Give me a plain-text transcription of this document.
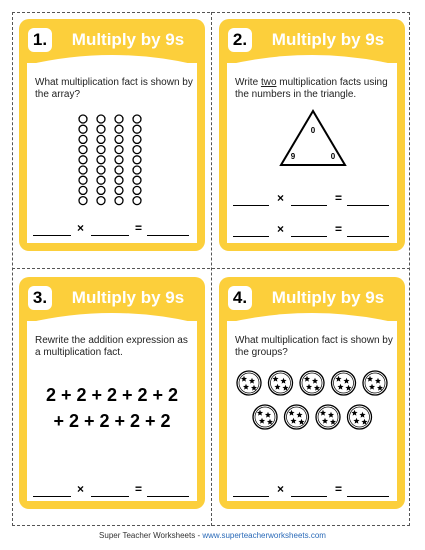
1.	Multiply by 9s
What multiplication fact is shown by the array?
×	=
2.	Multiply by 9s
Write two multiplication facts using the numbers in the triangle.
0
9	0
×	=
×	=
3.	Multiply by 9s
Rewrite the addition expression as a multiplication fact.
2 + 2 + 2 + 2 + 2
+ 2 + 2 + 2 + 2
×	=
4.	Multiply by 9s
What multiplication fact is shown by the groups?
×	=
Super Teacher Worksheets - www.superteacherworksheets.com
